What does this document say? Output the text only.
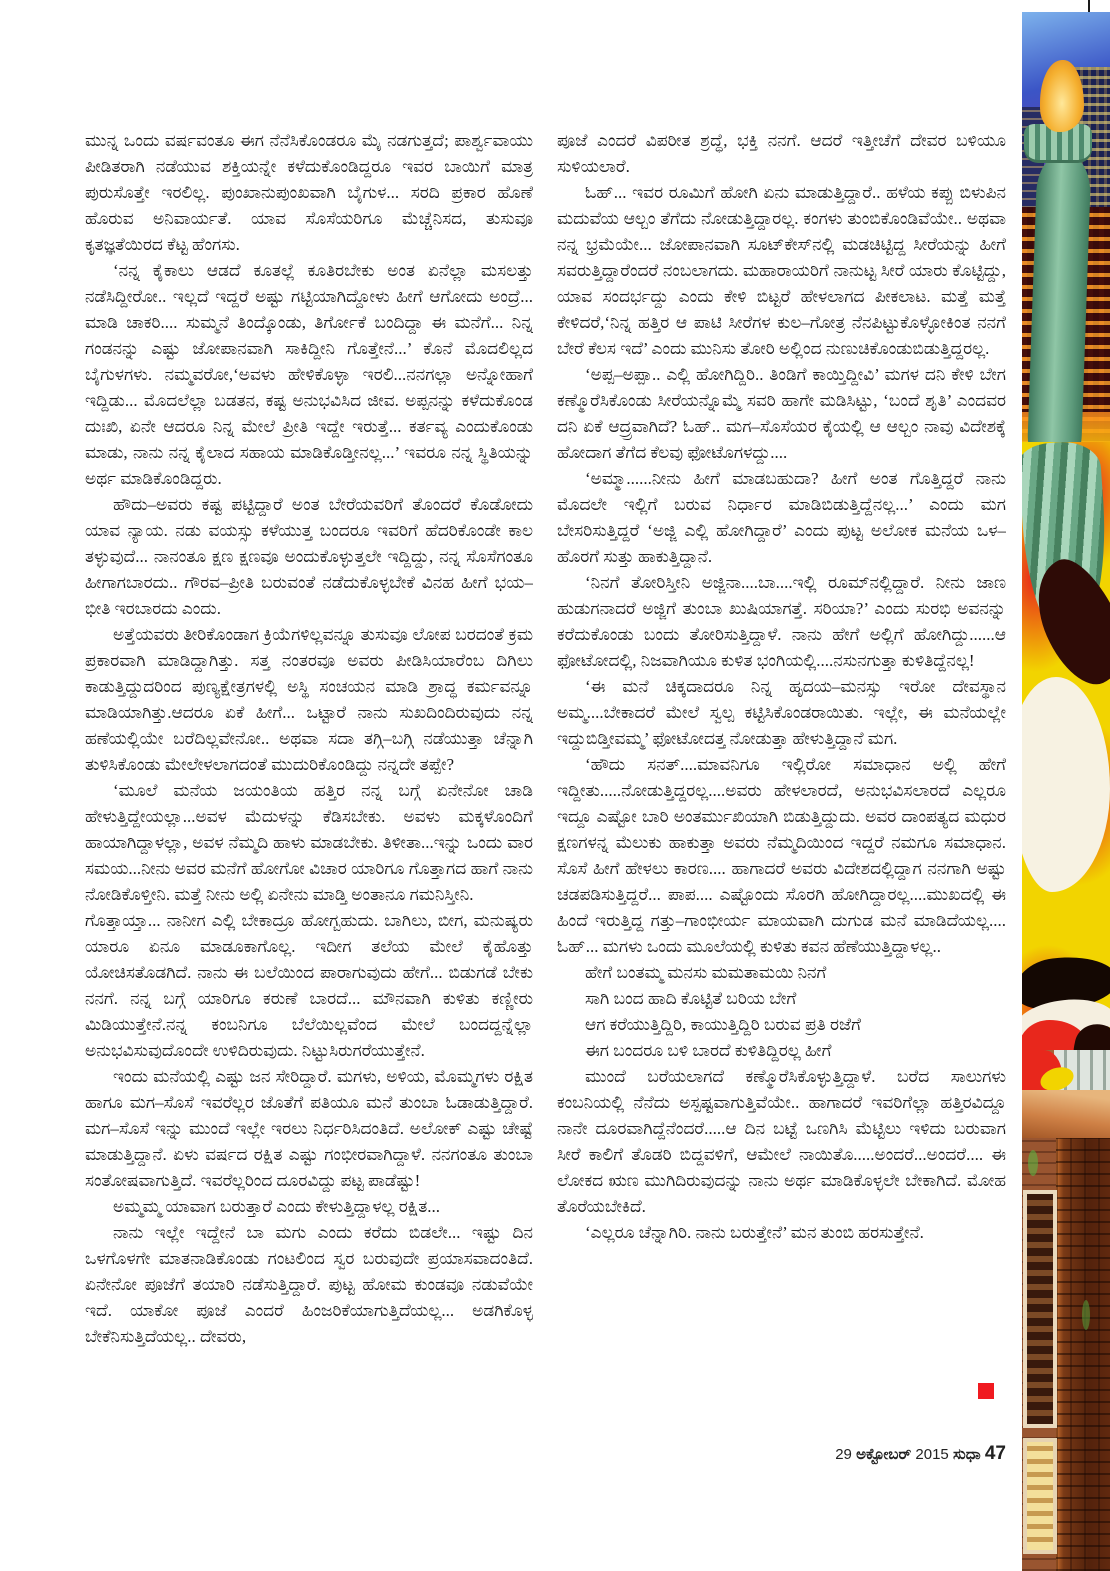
ಮುನ್ನ ಒಂದು ವರ್ಷವಂತೂ ಈಗ ನೆನೆಸಿಕೊಂಡರೂ ಮೈ ನಡಗುತ್ತದೆ; ಪಾರ್ಶ್ವವಾಯು ಪೀಡಿತರಾಗಿ ನಡೆಯುವ ಶಕ್ತಿಯನ್ನೇ ಕಳೆದುಕೊಂಡಿದ್ದರೂ ಇವರ ಬಾಯಿಗೆ ಮಾತ್ರ ಪುರುಸೊತ್ತೇ ಇರಲಿಲ್ಲ. ಪುಂಖಾನುಪುಂಖವಾಗಿ ಬೈಗುಳ... ಸರದಿ ಪ್ರಕಾರ ಹೊಣೆ ಹೊರುವ ಅನಿವಾರ್ಯತೆ. ಯಾವ ಸೊಸೆಯರಿಗೂ ಮೆಚ್ಚೆನಿಸದ, ತುಸುವೂ ಕೃತಜ್ಞತೆಯಿರದ ಕೆಟ್ಟ ಹೆಂಗಸು.

‘ನನ್ನ ಕೈಕಾಲು ಆಡದೆ ಕೂತಲ್ಲೆ ಕೂತಿರಬೇಕು ಅಂತ ಏನೆಲ್ಲಾ ಮಸಲತ್ತು ನಡೆಸಿದ್ದೀರೋ.. ಇಲ್ಲದೆ ಇದ್ದರೆ ಅಷ್ಟು ಗಟ್ಟಿಯಾಗಿದ್ದೋಳು ಹೀಗೆ ಆಗೋದು ಅಂದ್ರೆ... ಮಾಡಿ ಚಾಕರಿ.... ಸುಮ್ಮನೆ ತಿಂದ್ಕೊಂಡು, ತಿರ್ಗೋಕೆ ಬಂದಿದ್ದಾ ಈ ಮನೆಗೆ... ನಿನ್ನ ಗಂಡನನ್ನು ಎಷ್ಟು ಜೋಪಾನವಾಗಿ ಸಾಕಿದ್ದೀನಿ ಗೊತ್ತೇನೆ...’ ಕೊನೆ ಮೊದಲಿಲ್ಲದ ಬೈಗುಳಗಳು. ನಮ್ಮವರೋ,‘ಅವಳು ಹೇಳಿಕೊಳ್ಳಾ ಇರಲಿ...ನನಗಲ್ಲಾ ಅನ್ನೋಹಾಗೆ ಇದ್ದಿಡು... ಮೊದಲೆಲ್ಲಾ ಬಡತನ, ಕಷ್ಟ ಅನುಭವಿಸಿದ ಜೀವ. ಅಪ್ಪನನ್ನು ಕಳೆದುಕೊಂಡ ದುಃಖಿ, ಏನೇ ಆದರೂ ನಿನ್ನ ಮೇಲೆ ಪ್ರೀತಿ ಇದ್ದೇ ಇರುತ್ತೆ... ಕರ್ತವ್ಯ ಎಂದುಕೊಂಡು ಮಾಡು, ನಾನು ನನ್ನ ಕೈಲಾದ ಸಹಾಯ ಮಾಡಿಕೊಡ್ತೀನಲ್ಲ...’ ಇವರೂ ನನ್ನ ಸ್ಥಿತಿಯನ್ನು ಅರ್ಥ ಮಾಡಿಕೊಂಡಿದ್ದರು.

ಹೌದು–ಅವರು ಕಷ್ಟ ಪಟ್ಟಿದ್ದಾರೆ ಅಂತ ಬೇರೆಯವರಿಗೆ ತೊಂದರೆ ಕೊಡೋದು ಯಾವ ನ್ಯಾಯ. ನಡು ವಯಸ್ಸು ಕಳೆಯುತ್ತ ಬಂದರೂ ಇವರಿಗೆ ಹೆದರಿಕೊಂಡೇ ಕಾಲ ತಳ್ಳುವುದೆ... ನಾನಂತೂ ಕ್ಷಣ ಕ್ಷಣವೂ ಅಂದುಕೊಳ್ಳುತ್ತಲೇ ಇದ್ದಿದ್ದು, ನನ್ನ ಸೊಸೆಗಂತೂ ಹೀಗಾಗಬಾರದು.. ಗೌರವ–ಪ್ರೀತಿ ಬರುವಂತೆ ನಡೆದುಕೊಳ್ಳಬೇಕೆ ವಿನಹ ಹೀಗೆ ಭಯ–ಭೀತಿ ಇರಬಾರದು ಎಂದು.

ಅತ್ತೆಯವರು ತೀರಿಕೊಂಡಾಗ ಕ್ರಿಯೆಗಳಿಲ್ಲವನ್ನೂ ತುಸುವೂ ಲೋಪ ಬರದಂತೆ ಕ್ರಮ ಪ್ರಕಾರವಾಗಿ ಮಾಡಿದ್ದಾಗಿತ್ತು. ಸತ್ತ ನಂತರವೂ ಅವರು ಪೀಡಿಸಿಯಾರೆಂಬ ದಿಗಿಲು ಕಾಡುತ್ತಿದ್ದುದರಿಂದ ಪುಣ್ಯಕ್ಷೇತ್ರಗಳಲ್ಲಿ ಅಸ್ಥಿ ಸಂಚಯನ ಮಾಡಿ ಶ್ರಾದ್ಧ ಕರ್ಮವನ್ನೂ ಮಾಡಿಯಾಗಿತ್ತು.ಆದರೂ ಏಕೆ ಹೀಗೆ... ಒಟ್ಟಾರೆ ನಾನು ಸುಖದಿಂದಿರುವುದು ನನ್ನ ಹಣೆಯಲ್ಲಿಯೇ ಬರೆದಿಲ್ಲವೇನೋ.. ಅಥವಾ ಸದಾ ತಗ್ಗಿ–ಬಗ್ಗಿ ನಡೆಯುತ್ತಾ ಚೆನ್ನಾಗಿ ತುಳಿಸಿಕೊಂಡು ಮೇಲೇಳಲಾಗದಂತೆ ಮುದುರಿಕೊಂಡಿದ್ದು ನನ್ನದೇ ತಪ್ಪೇ?

‘ಮೂಲೆ ಮನೆಯ ಜಯಂತಿಯ ಹತ್ತಿರ ನನ್ನ ಬಗ್ಗೆ ಏನೇನೋ ಚಾಡಿ ಹೇಳುತ್ತಿದ್ದೇಯಲ್ಲಾ...ಅವಳ ಮೆದುಳನ್ನು ಕೆಡಿಸಬೇಕು. ಅವಳು ಮಕ್ಕಳೊಂದಿಗೆ ಹಾಯಾಗಿದ್ದಾಳಲ್ಲಾ, ಅವಳ ನೆಮ್ಮದಿ ಹಾಳು ಮಾಡಬೇಕು. ತಿಳೀತಾ...ಇನ್ನು ಒಂದು ವಾರ ಸಮಯ...ನೀನು ಅವರ ಮನೆಗೆ ಹೋಗೋ ವಿಚಾರ ಯಾರಿಗೂ ಗೊತ್ತಾಗದ ಹಾಗೆ ನಾನು ನೋಡಿಕೊಳ್ತೀನಿ. ಮತ್ತೆ ನೀನು ಅಲ್ಲಿ ಏನೇನು ಮಾಡ್ತಿ ಅಂತಾನೂ ಗಮನಿಸ್ತೀನಿ.

ಗೊತ್ತಾಯ್ತಾ... ನಾನೀಗ ಎಲ್ಲಿ ಬೇಕಾದ್ರೂ ಹೋಗ್ಬಹುದು. ಬಾಗಿಲು, ಬೀಗ, ಮನುಷ್ಯರು ಯಾರೂ ಏನೂ ಮಾಡೂಕಾಗೊಲ್ಲ. ಇದೀಗ ತಲೆಯ ಮೇಲೆ ಕೈಹೊತ್ತು ಯೋಚಿಸತೊಡಗಿದೆ. ನಾನು ಈ ಬಲೆಯಿಂದ ಪಾರಾಗುವುದು ಹೇಗೆ... ಬಿಡುಗಡೆ ಬೇಕು ನನಗೆ. ನನ್ನ ಬಗ್ಗೆ ಯಾರಿಗೂ ಕರುಣೆ ಬಾರದೆ... ಮೌನವಾಗಿ ಕುಳಿತು ಕಣ್ಣೀರು ಮಿಡಿಯುತ್ತೇನೆ.ನನ್ನ ಕಂಬನಿಗೂ ಬೆಲೆಯಿಲ್ಲವೆಂದ ಮೇಲೆ ಬಂದದ್ದನ್ನೆಲ್ಲಾ ಅನುಭವಿಸುವುದೊಂದೇ ಉಳಿದಿರುವುದು. ನಿಟ್ಟುಸಿರುಗರೆಯುತ್ತೇನೆ.

ಇಂದು ಮನೆಯಲ್ಲಿ ಎಷ್ಟು ಜನ ಸೇರಿದ್ದಾರೆ. ಮಗಳು, ಅಳಿಯ, ಮೊಮ್ಮಗಳು ರಕ್ಷಿತ ಹಾಗೂ ಮಗ–ಸೊಸೆ ಇವರೆಲ್ಲರ ಜೊತೆಗೆ ಪತಿಯೂ ಮನೆ ತುಂಬಾ ಓಡಾಡುತ್ತಿದ್ದಾರೆ. ಮಗ–ಸೊಸೆ ಇನ್ನು ಮುಂದೆ ಇಲ್ಲೇ ಇರಲು ನಿರ್ಧರಿಸಿದಂತಿದೆ. ಅಲೋಕ್ ಎಷ್ಟು ಚೇಷ್ಟೆ ಮಾಡುತ್ತಿದ್ದಾನೆ. ಏಳು ವರ್ಷದ ರಕ್ಷಿತ ಎಷ್ಟು ಗಂಭೀರವಾಗಿದ್ದಾಳೆ. ನನಗಂತೂ ತುಂಬಾ ಸಂತೋಷವಾಗುತ್ತಿದೆ. ಇವರೆಲ್ಲರಿಂದ ದೂರವಿದ್ದು ಪಟ್ಟ ಪಾಡೆಷ್ಟು!

ಅಮ್ಮಮ್ಮ ಯಾವಾಗ ಬರುತ್ತಾರೆ ಎಂದು ಕೇಳುತ್ತಿದ್ದಾಳಲ್ಲ ರಕ್ಷಿತ...

ನಾನು ಇಲ್ಲೇ ಇದ್ದೇನೆ ಬಾ ಮಗು ಎಂದು ಕರೆದು ಬಿಡಲೇ... ಇಷ್ಟು ದಿನ ಒಳಗೊಳಗೇ ಮಾತನಾಡಿಕೊಂಡು ಗಂಟಲಿಂದ ಸ್ವರ ಬರುವುದೇ ಪ್ರಯಾಸವಾದಂತಿದೆ. ಏನೇನೋ ಪೂಜೆಗೆ ತಯಾರಿ ನಡೆಸುತ್ತಿದ್ದಾರೆ. ಪುಟ್ಟ ಹೋಮ ಕುಂಡವೂ ನಡುವೆಯೇ ಇದೆ. ಯಾಕೋ ಪೂಜೆ ಎಂದರೆ ಹಿಂಜರಿಕೆಯಾಗುತ್ತಿದೆಯಲ್ಲ... ಅಡಗಿಕೊಳ್ಳ ಬೇಕೆನಿಸುತ್ತಿದೆಯಲ್ಲ.. ದೇವರು,

ಪೂಜೆ ಎಂದರೆ ವಿಪರೀತ ಶ್ರದ್ಧೆ, ಭಕ್ತಿ ನನಗೆ. ಆದರೆ ಇತ್ತೀಚೆಗೆ ದೇವರ ಬಳಿಯೂ ಸುಳಿಯಲಾರೆ.

ಓಹ್... ಇವರ ರೂಮಿಗೆ ಹೋಗಿ ಏನು ಮಾಡುತ್ತಿದ್ದಾರೆ.. ಹಳೆಯ ಕಪ್ಪು ಬಿಳುಪಿನ ಮದುವೆಯ ಆಲ್ಬಂ ತೆಗೆದು ನೋಡುತ್ತಿದ್ದಾರಲ್ಲ. ಕಂಗಳು ತುಂಬಿಕೊಂಡಿವೆಯೇ.. ಅಥವಾ ನನ್ನ ಭ್ರಮೆಯೇ... ಜೋಪಾನವಾಗಿ ಸೂಟ್‌ಕೇಸ್‌ನಲ್ಲಿ ಮಡಚಿಟ್ಟಿದ್ದ ಸೀರೆಯನ್ನು ಹೀಗೆ ಸವರುತ್ತಿದ್ದಾರೆಂದರೆ ನಂಬಲಾಗದು. ಮಹಾರಾಯರಿಗೆ ನಾನುಟ್ಟ ಸೀರೆ ಯಾರು ಕೊಟ್ಟಿದ್ದು, ಯಾವ ಸಂದರ್ಭದ್ದು ಎಂದು ಕೇಳಿ ಬಿಟ್ಟರೆ ಹೇಳಲಾಗದ ಪೀಕಲಾಟ. ಮತ್ತೆ ಮತ್ತೆ ಕೇಳಿದರೆ,‘ನಿನ್ನ ಹತ್ತಿರ ಆ ಪಾಟಿ ಸೀರೆಗಳ ಕುಲ–ಗೋತ್ರ ನೆನಪಿಟ್ಟುಕೊಳ್ಳೋಕಿಂತ ನನಗೆ ಬೇರೆ ಕೆಲಸ ಇದೆ’ ಎಂದು ಮುನಿಸು ತೋರಿ ಅಲ್ಲಿಂದ ನುಣುಚಿಕೊಂಡುಬಿಡುತ್ತಿದ್ದರಲ್ಲ.

‘ಅಪ್ಪ–ಅಪ್ಪಾ.. ಎಲ್ಲಿ ಹೋಗಿದ್ದಿರಿ.. ತಿಂಡಿಗೆ ಕಾಯ್ತಿದ್ದೀವಿ’ ಮಗಳ ದನಿ ಕೇಳಿ ಬೇಗ ಕಣ್ಮೊರೆಸಿಕೊಂಡು ಸೀರೆಯನ್ನೊಮ್ಮೆ ಸವರಿ ಹಾಗೇ ಮಡಿಸಿಟ್ಟು, ‘ಬಂದೆ ಶೃತಿ’ ಎಂದವರ ದನಿ ಏಕೆ ಆದ್ರ್ರವಾಗಿದೆ? ಓಹ್.. ಮಗ–ಸೊಸೆಯರ ಕೈಯಲ್ಲಿ ಆ ಆಲ್ಬಂ ನಾವು ವಿದೇಶಕ್ಕೆ ಹೋದಾಗ ತೆಗೆದ ಕೆಲವು ಫೋಟೊಗಳದ್ದು....

‘ಅಮ್ಮಾ......ನೀನು ಹೀಗೆ ಮಾಡಬಹುದಾ? ಹೀಗೆ ಅಂತ ಗೊತ್ತಿದ್ದರೆ ನಾನು ಮೊದಲೇ ಇಲ್ಲಿಗೆ ಬರುವ ನಿರ್ಧಾರ ಮಾಡಿಬಿಡುತ್ತಿದ್ದೆನಲ್ಲ...’ ಎಂದು ಮಗ ಬೇಸರಿಸುತ್ತಿದ್ದರೆ ‘ಅಜ್ಜಿ ಎಲ್ಲಿ ಹೋಗಿದ್ದಾರೆ’ ಎಂದು ಪುಟ್ಟ ಅಲೋಕ ಮನೆಯ ಒಳ–ಹೊರಗೆ ಸುತ್ತು ಹಾಕುತ್ತಿದ್ದಾನೆ.

‘ನಿನಗೆ ತೋರಿಸ್ತೀನಿ ಅಜ್ಜಿನಾ....ಬಾ....ಇಲ್ಲಿ ರೂಮ್‌ನಲ್ಲಿದ್ದಾರೆ. ನೀನು ಜಾಣ ಹುಡುಗನಾದರೆ ಅಜ್ಜಿಗೆ ತುಂಬಾ ಖುಷಿಯಾಗತ್ತೆ. ಸರಿಯಾ?’ ಎಂದು ಸುರಭಿ ಅವನನ್ನು ಕರೆದುಕೊಂಡು ಬಂದು ತೋರಿಸುತ್ತಿದ್ದಾಳೆ. ನಾನು ಹೇಗೆ ಅಲ್ಲಿಗೆ ಹೋಗಿದ್ದು......ಆ ಫೋಟೋದಲ್ಲಿ, ನಿಜವಾಗಿಯೂ ಕುಳಿತ ಭಂಗಿಯಲ್ಲಿ....ನಸುನಗುತ್ತಾ ಕುಳಿತಿದ್ದೆನಲ್ಲ!

‘ಈ ಮನೆ ಚಿಕ್ಕದಾದರೂ ನಿನ್ನ ಹೃದಯ–ಮನಸ್ಸು ಇರೋ ದೇವಸ್ಥಾನ ಅಮ್ಮ....ಬೇಕಾದರೆ ಮೇಲೆ ಸ್ವಲ್ಪ ಕಟ್ಟಿಸಿಕೊಂಡರಾಯಿತು. ಇಲ್ಲೇ, ಈ ಮನೆಯಲ್ಲೇ ಇದ್ದುಬಿಡ್ತೀವಮ್ಮ’ ಫೋಟೋದತ್ತ ನೋಡುತ್ತಾ ಹೇಳುತ್ತಿದ್ದಾನೆ ಮಗ.

‘ಹೌದು ಸನತ್....ಮಾವನಿಗೂ ಇಲ್ಲಿರೋ ಸಮಾಧಾನ ಅಲ್ಲಿ ಹೇಗೆ ಇದ್ದೀತು.....ನೋಡುತ್ತಿದ್ದರಲ್ಲ....ಅವರು ಹೇಳಲಾರದೆ, ಅನುಭವಿಸಲಾರದೆ ಎಲ್ಲರೂ ಇದ್ದೂ ಎಷ್ಟೋ ಬಾರಿ ಅಂತರ್ಮುಖಿಯಾಗಿ ಬಿಡುತ್ತಿದ್ದುದು. ಅವರ ದಾಂಪತ್ಯದ ಮಧುರ ಕ್ಷಣಗಳನ್ನ ಮೆಲುಕು ಹಾಕುತ್ತಾ ಅವರು ನೆಮ್ಮದಿಯಿಂದ ಇದ್ದರೆ ನಮಗೂ ಸಮಾಧಾನ. ಸೊಸೆ ಹೀಗೆ ಹೇಳಲು ಕಾರಣ.... ಹಾಗಾದರೆ ಅವರು ವಿದೇಶದಲ್ಲಿದ್ದಾಗ ನನಗಾಗಿ ಅಷ್ಟು ಚಡಪಡಿಸುತ್ತಿದ್ದರೆ... ಪಾಪ.... ಎಷ್ಟೊಂದು ಸೊರಗಿ ಹೋಗಿದ್ದಾರಲ್ಲ....ಮುಖದಲ್ಲಿ ಈ ಹಿಂದೆ ಇರುತ್ತಿದ್ದ ಗತ್ತು–ಗಾಂಭೀರ್ಯ ಮಾಯವಾಗಿ ದುಗುಡ ಮನೆ ಮಾಡಿದೆಯಲ್ಲ.... ಓಹ್... ಮಗಳು ಒಂದು ಮೂಲೆಯಲ್ಲಿ ಕುಳಿತು ಕವನ ಹೆಣೆಯುತ್ತಿದ್ದಾಳಲ್ಲ..

ಹೇಗೆ ಬಂತಮ್ಮ ಮನಸು ಮಮತಾಮಯಿ ನಿನಗೆ

ಸಾಗಿ ಬಂದ ಹಾದಿ ಕೊಟ್ಟಿತೆ ಬರಿಯ ಬೇಗೆ

ಆಗ ಕರೆಯುತ್ತಿದ್ದಿರಿ, ಕಾಯುತ್ತಿದ್ದಿರಿ ಬರುವ ಪ್ರತಿ ರಜೆಗೆ

ಈಗ ಬಂದರೂ ಬಳಿ ಬಾರದೆ ಕುಳಿತಿದ್ದಿರಲ್ಲ ಹೀಗೆ

ಮುಂದೆ ಬರೆಯಲಾಗದೆ ಕಣ್ಮೊರೆಸಿಕೊಳ್ಳುತ್ತಿದ್ದಾಳೆ. ಬರೆದ ಸಾಲುಗಳು ಕಂಬನಿಯಲ್ಲಿ ನೆನೆದು ಅಸ್ಪಷ್ಟವಾಗುತ್ತಿವೆಯೇ.. ಹಾಗಾದರೆ ಇವರಿಗೆಲ್ಲಾ ಹತ್ತಿರವಿದ್ದೂ ನಾನೇ ದೂರವಾಗಿದ್ದೆನೆಂದರೆ.....ಆ ದಿನ ಬಟ್ಟೆ ಒಣಗಿಸಿ ಮೆಟ್ಟಿಲು ಇಳಿದು ಬರುವಾಗ ಸೀರೆ ಕಾಲಿಗೆ ತೊಡರಿ ಬಿದ್ದವಳಿಗೆ, ಆಮೇಲೆ ನಾಯಿತೊ.....ಅಂದರೆ...ಅಂದರೆ.... ಈ ಲೋಕದ ಋಣ ಮುಗಿದಿರುವುದನ್ನು ನಾನು ಅರ್ಥ ಮಾಡಿಕೊಳ್ಳಲೇ ಬೇಕಾಗಿದೆ. ಮೋಹ ತೊರೆಯಬೇಕಿದೆ.

‘ಎಲ್ಲರೂ ಚೆನ್ನಾಗಿರಿ. ನಾನು ಬರುತ್ತೇನೆ’ ಮನ ತುಂಬಿ ಹರಸುತ್ತೇನೆ.

29 ಅಕ್ಟೋಬರ್ 2015 ಸುಧಾ 47
